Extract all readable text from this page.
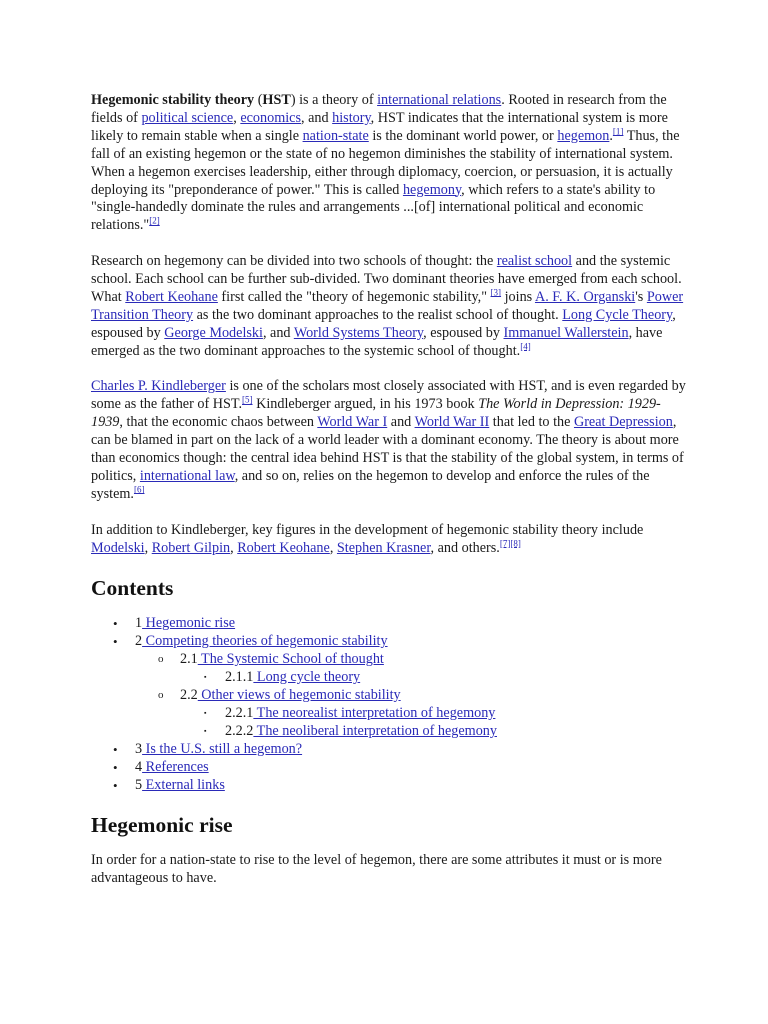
Hegemonic stability theory (HST) is a theory of international relations. Rooted in research from the fields of political science, economics, and history, HST indicates that the international system is more likely to remain stable when a single nation-state is the dominant world power, or hegemon.[1] Thus, the fall of an existing hegemon or the state of no hegemon diminishes the stability of international system. When a hegemon exercises leadership, either through diplomacy, coercion, or persuasion, it is actually deploying its "preponderance of power." This is called hegemony, which refers to a state's ability to "single-handedly dominate the rules and arrangements ...[of] international political and economic relations."[2]

Research on hegemony can be divided into two schools of thought: the realist school and the systemic school. Each school can be further sub-divided. Two dominant theories have emerged from each school. What Robert Keohane first called the "theory of hegemonic stability," [3] joins A. F. K. Organski's Power Transition Theory as the two dominant approaches to the realist school of thought. Long Cycle Theory, espoused by George Modelski, and World Systems Theory, espoused by Immanuel Wallerstein, have emerged as the two dominant approaches to the systemic school of thought.[4]

Charles P. Kindleberger is one of the scholars most closely associated with HST, and is even regarded by some as the father of HST.[5] Kindleberger argued, in his 1973 book The World in Depression: 1929-1939, that the economic chaos between World War I and World War II that led to the Great Depression, can be blamed in part on the lack of a world leader with a dominant economy. The theory is about more than economics though: the central idea behind HST is that the stability of the global system, in terms of politics, international law, and so on, relies on the hegemon to develop and enforce the rules of the system.[6]

In addition to Kindleberger, key figures in the development of hegemonic stability theory include Modelski, Robert Gilpin, Robert Keohane, Stephen Krasner, and others.[7][8]

Contents
• 1 Hegemonic rise
• 2 Competing theories of hegemonic stability
o 2.1 The Systemic School of thought
▪ 2.1.1 Long cycle theory
o 2.2 Other views of hegemonic stability
▪ 2.2.1 The neorealist interpretation of hegemony
▪ 2.2.2 The neoliberal interpretation of hegemony
• 3 Is the U.S. still a hegemon?
• 4 References
• 5 External links
Hegemonic rise

In order for a nation-state to rise to the level of hegemon, there are some attributes it must or is more advantageous to have.
